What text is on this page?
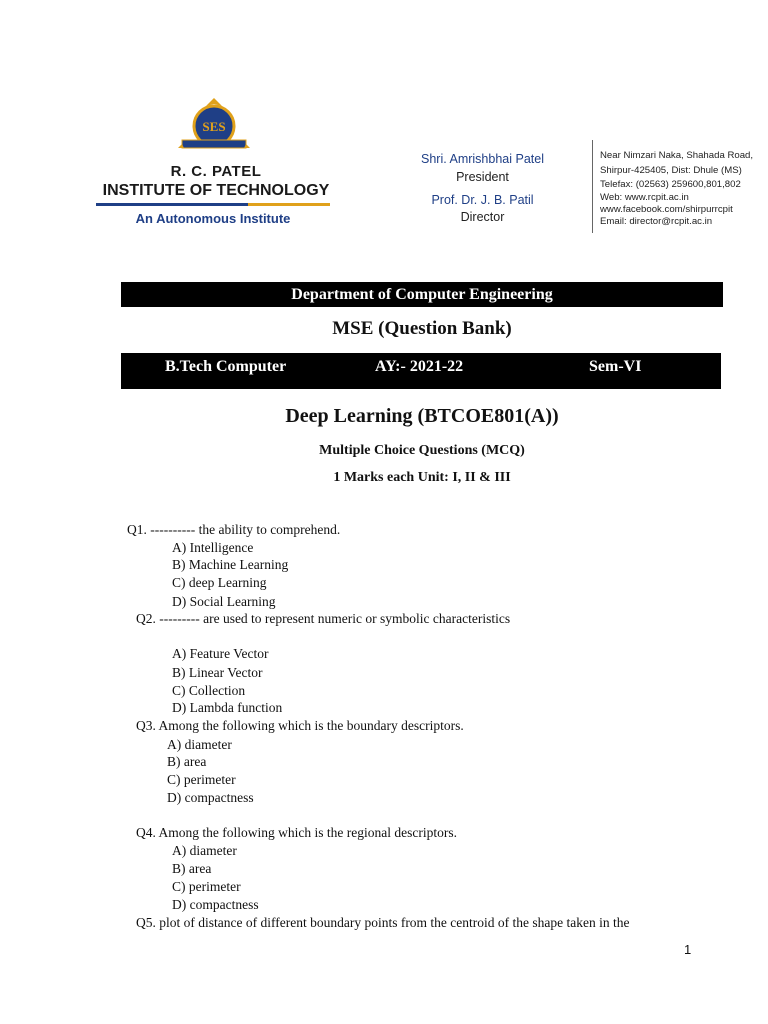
SES
R. C. PATEL
INSTITUTE OF TECHNOLOGY
An Autonomous Institute
Shri. Amrishbhai Patel
President
Prof. Dr. J. B. Patil
Director
Near Nimzari Naka, Shahada Road,
Shirpur-425405, Dist: Dhule (MS)
Telefax: (02563) 259600,801,802
Web: www.rcpit.ac.in
www.facebook.com/shirpurrcpit
Email: director@rcpit.ac.in
Department of Computer Engineering
MSE (Question Bank)
B.Tech Computer	AY:- 2021-22	Sem-VI
Deep Learning (BTCOE801(A))
Multiple Choice Questions (MCQ)
1 Marks each Unit: I, II & III
Q1. ---------- the ability to comprehend.
A) Intelligence
B) Machine Learning
C) deep Learning
D) Social Learning
Q2. --------- are used to represent numeric or symbolic characteristics
A) Feature Vector
B) Linear Vector
C) Collection
D) Lambda function
Q3. Among the following which is the boundary descriptors.
A) diameter
B) area
C) perimeter
D) compactness
Q4. Among the following which is the regional descriptors.
A) diameter
B) area
C) perimeter
D) compactness
Q5. plot of distance of different boundary points from the centroid of the shape taken in the
1
